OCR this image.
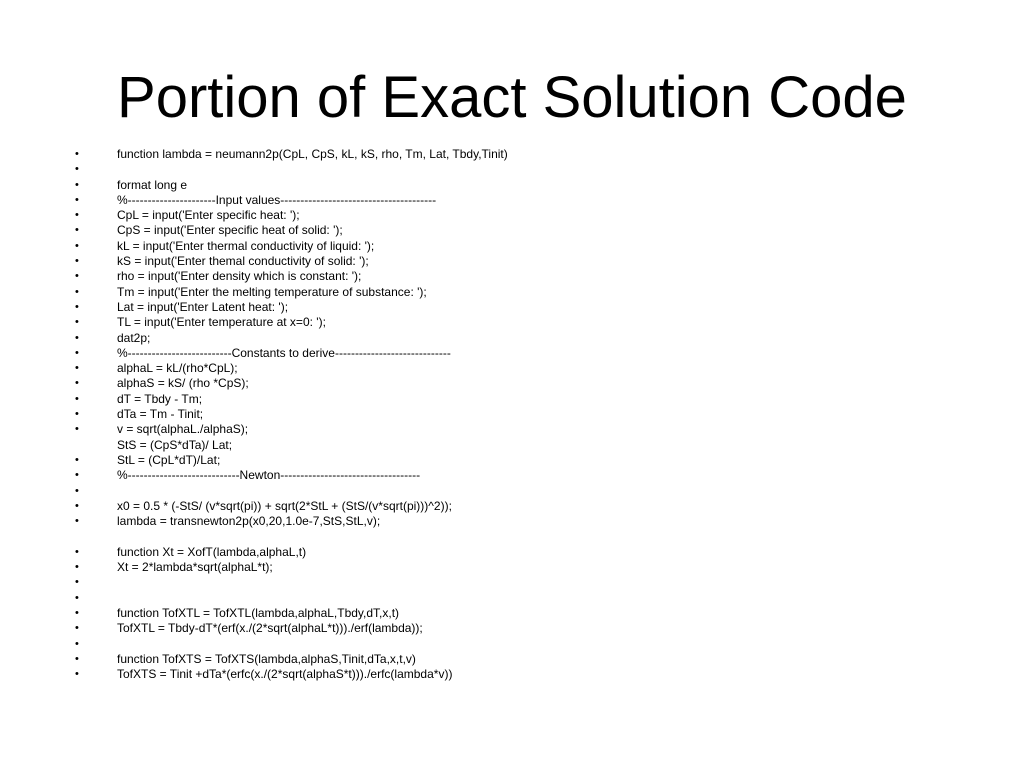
Portion of Exact Solution Code
•	function lambda = neumann2p(CpL, CpS, kL, kS, rho, Tm, Lat, Tbdy,Tinit)
•
•	format long e
•	%----------------------Input values---------------------------------------
•	CpL = input('Enter specific heat: ');
•	CpS = input('Enter specific heat of solid: ');
•	kL = input('Enter thermal conductivity of liquid: ');
•	kS = input('Enter themal conductivity of solid: ');
•	rho = input('Enter density which is constant: ');
•	Tm = input('Enter the melting temperature of substance: ');
•	Lat = input('Enter Latent heat: ');
•	TL = input('Enter temperature at x=0: ');
•	dat2p;
•	%--------------------------Constants to derive-----------------------------
•	alphaL = kL/(rho*CpL);
•	alphaS = kS/ (rho *CpS);
•	dT = Tbdy - Tm;
•	dTa = Tm - Tinit;
•	v = sqrt(alphaL./alphaS);
StS = (CpS*dTa)/ Lat;
•	StL = (CpL*dT)/Lat;
•	%----------------------------Newton-----------------------------------
•
•	x0 = 0.5 * (-StS/ (v*sqrt(pi)) + sqrt(2*StL + (StS/(v*sqrt(pi)))^2));
•	lambda = transnewton2p(x0,20,1.0e-7,StS,StL,v);
•	function Xt = XofT(lambda,alphaL,t)
•	Xt = 2*lambda*sqrt(alphaL*t);
•
•
•	function TofXTL = TofXTL(lambda,alphaL,Tbdy,dT,x,t)
•	TofXTL = Tbdy-dT*(erf(x./(2*sqrt(alphaL*t)))./erf(lambda));
•
•	function TofXTS = TofXTS(lambda,alphaS,Tinit,dTa,x,t,v)
•	TofXTS = Tinit +dTa*(erfc(x./(2*sqrt(alphaS*t)))./erfc(lambda*v))
